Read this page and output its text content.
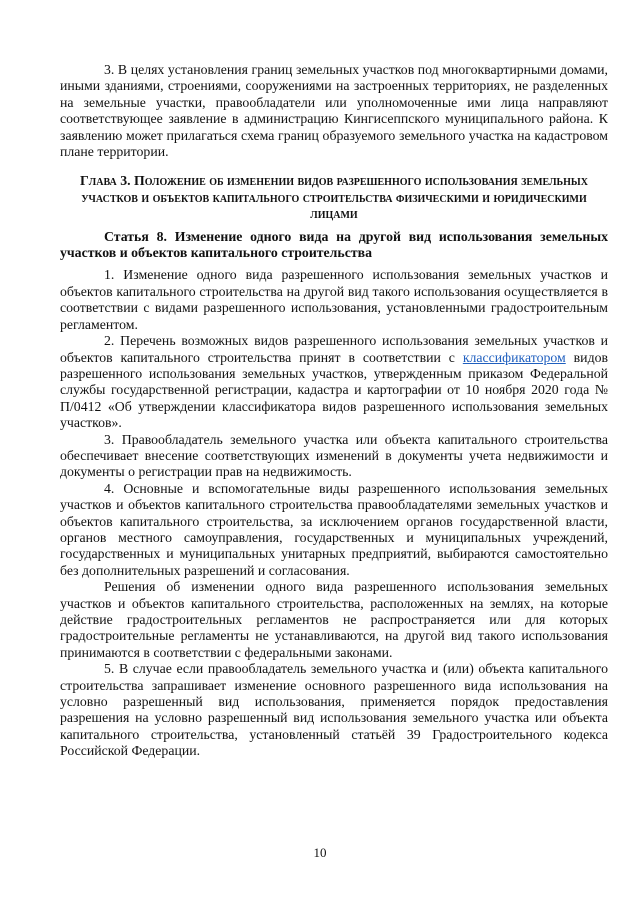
3. В целях установления границ земельных участков под многоквартирными домами, иными зданиями, строениями, сооружениями на застроенных территориях, не разделенных на земельные участки, правообладатели или уполномоченные ими лица направляют соответствующее заявление в администрацию Кингисеппского муниципального района. К заявлению может прилагаться схема границ образуемого земельного участка на кадастровом плане территории.

Глава 3. Положение об изменении видов разрешенного использования земельных участков и объектов капитального строительства физическими и юридическими лицами

Статья 8. Изменение одного вида на другой вид использования земельных участков и объектов капитального строительства

1. Изменение одного вида разрешенного использования земельных участков и объектов капитального строительства на другой вид такого использования осуществляется в соответствии с видами разрешенного использования, установленными градостроительным регламентом.

2. Перечень возможных видов разрешенного использования земельных участков и объектов капитального строительства принят в соответствии с классификатором видов разрешенного использования земельных участков, утвержденным приказом Федеральной службы государственной регистрации, кадастра и картографии от 10 ноября 2020 года № П/0412 «Об утверждении классификатора видов разрешенного использования земельных участков».

3. Правообладатель земельного участка или объекта капитального строительства обеспечивает внесение соответствующих изменений в документы учета недвижимости и документы о регистрации прав на недвижимость.

4. Основные и вспомогательные виды разрешенного использования земельных участков и объектов капитального строительства правообладателями земельных участков и объектов капитального строительства, за исключением органов государственной власти, органов местного самоуправления, государственных и муниципальных учреждений, государственных и муниципальных унитарных предприятий, выбираются самостоятельно без дополнительных разрешений и согласования.

Решения об изменении одного вида разрешенного использования земельных участков и объектов капитального строительства, расположенных на землях, на которые действие градостроительных регламентов не распространяется или для которых градостроительные регламенты не устанавливаются, на другой вид такого использования принимаются в соответствии с федеральными законами.

5. В случае если правообладатель земельного участка и (или) объекта капитального строительства запрашивает изменение основного разрешенного вида использования на условно разрешенный вид использования, применяется порядок предоставления разрешения на условно разрешенный вид использования земельного участка или объекта капитального строительства, установленный статьёй 39 Градостроительного кодекса Российской Федерации.

10
